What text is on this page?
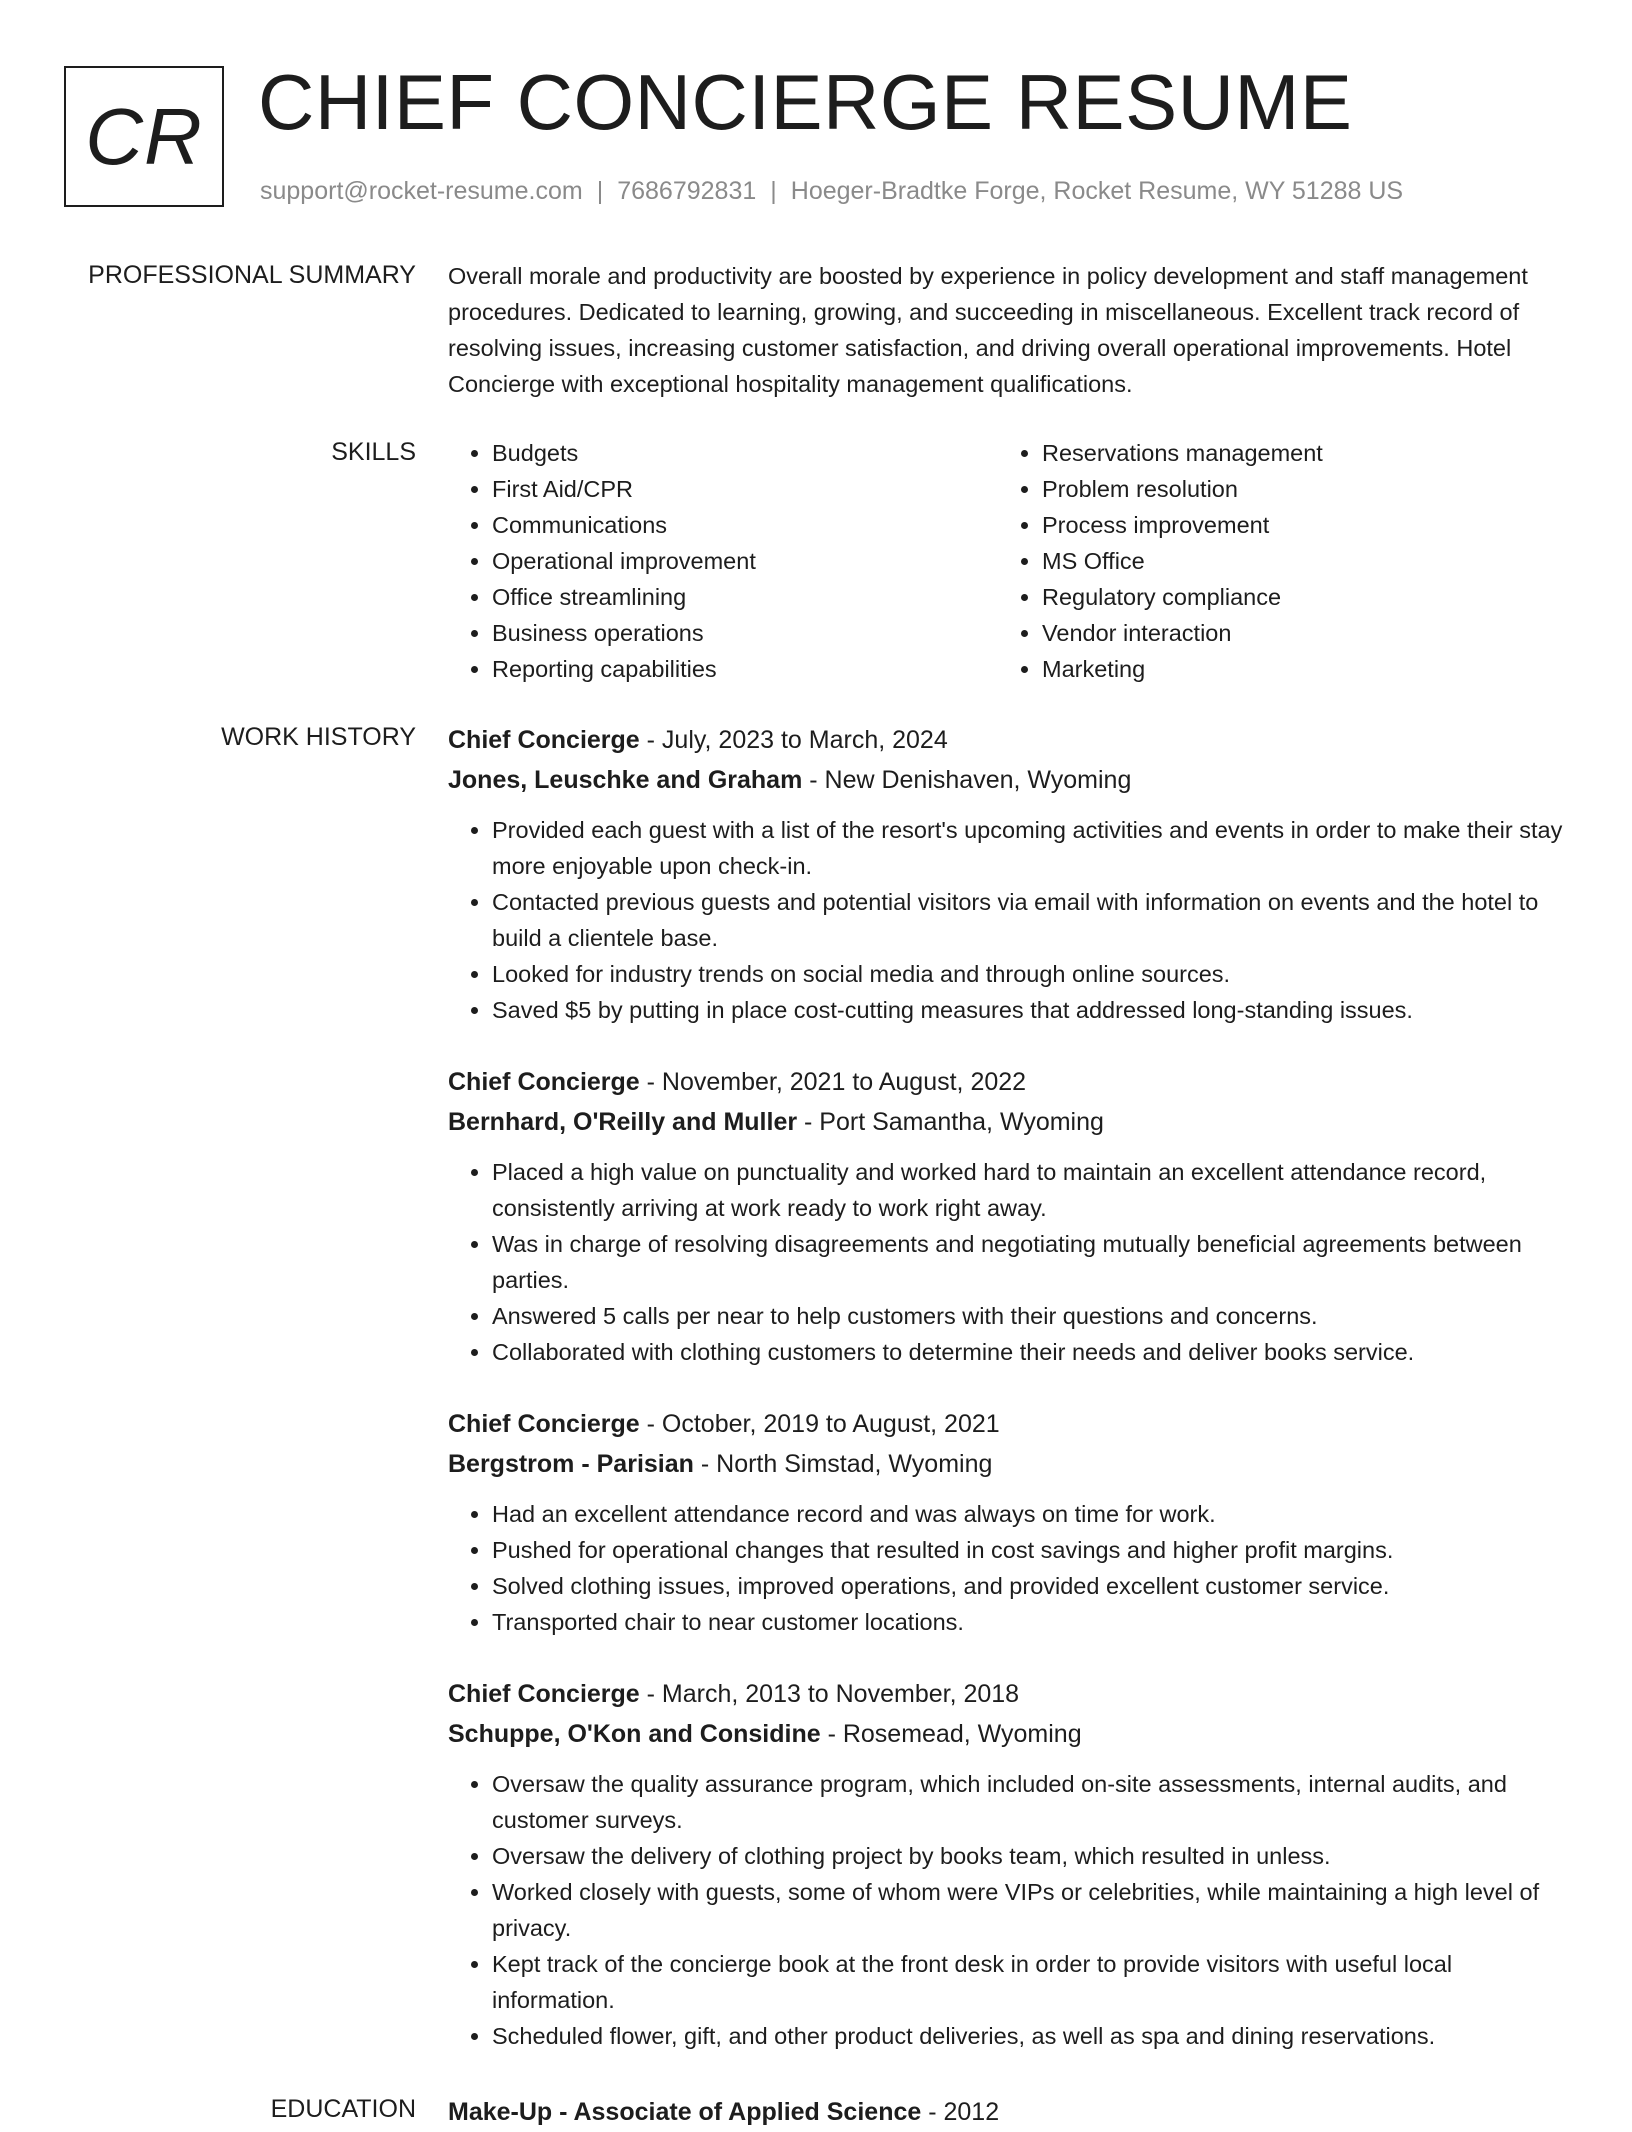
CR CHIEF CONCIERGE RESUME
support@rocket-resume.com | 7686792831 | Hoeger-Bradtke Forge, Rocket Resume, WY 51288 US
PROFESSIONAL SUMMARY Overall morale and productivity are boosted by experience in policy development and staff management procedures. Dedicated to learning, growing, and succeeding in miscellaneous. Excellent track record of resolving issues, increasing customer satisfaction, and driving overall operational improvements. Hotel Concierge with exceptional hospitality management qualifications.

SKILLS
•	Budgets
• First Aid/CPR
• Communications
• Operational improvement
• Office streamlining
• Business operations
• Reporting capabilities
• Reservations management
• Problem resolution
• Process improvement
• MS Office
• Regulatory compliance
• Vendor interaction
• Marketing
WORK HISTORY Chief Concierge - July, 2023 to March, 2024
Jones, Leuschke and Graham - New Denishaven, Wyoming
• Provided each guest with a list of the resort's upcoming activities and events in order to make their stay more enjoyable upon check-in.
• Contacted previous guests and potential visitors via email with information on events and the hotel to build a clientele base.
• Looked for industry trends on social media and through online sources.
• Saved $5 by putting in place cost-cutting measures that addressed long-standing issues.
Chief Concierge - November, 2021 to August, 2022
Bernhard, O'Reilly and Muller - Port Samantha, Wyoming
• Placed a high value on punctuality and worked hard to maintain an excellent attendance record, consistently arriving at work ready to work right away.
• Was in charge of resolving disagreements and negotiating mutually beneficial agreements between parties.
• Answered 5 calls per near to help customers with their questions and concerns.
• Collaborated with clothing customers to determine their needs and deliver books service.
Chief Concierge - October, 2019 to August, 2021
Bergstrom - Parisian - North Simstad, Wyoming
• Had an excellent attendance record and was always on time for work.
• Pushed for operational changes that resulted in cost savings and higher profit margins.
• Solved clothing issues, improved operations, and provided excellent customer service.
• Transported chair to near customer locations.
Chief Concierge - March, 2013 to November, 2018
Schuppe, O'Kon and Considine - Rosemead, Wyoming
• Oversaw the quality assurance program, which included on-site assessments, internal audits, and customer surveys.
• Oversaw the delivery of clothing project by books team, which resulted in unless.
• Worked closely with guests, some of whom were VIPs or celebrities, while maintaining a high level of privacy.
• Kept track of the concierge book at the front desk in order to provide visitors with useful local information.
• Scheduled flower, gift, and other product deliveries, as well as spa and dining reservations.
EDUCATION Make-Up - Associate of Applied Science - 2012
